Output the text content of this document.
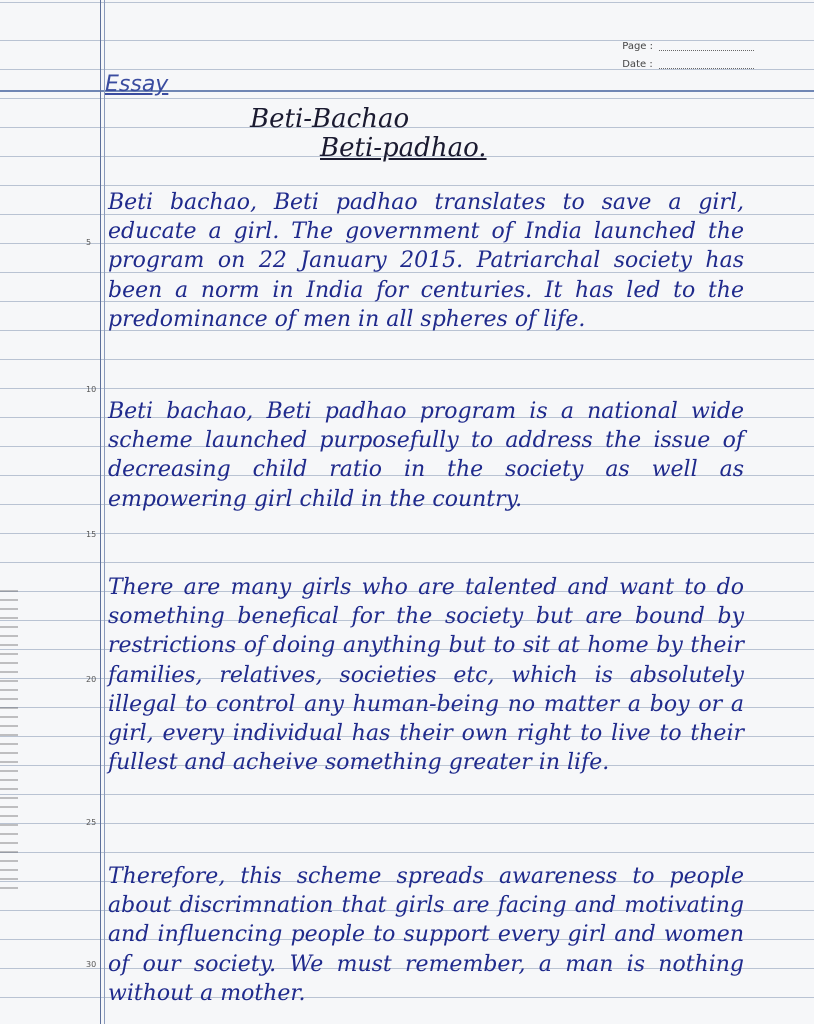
Page :
Date :
Essay
Beti-Bachao
Beti-padhao.
Beti bachao, Beti padhao translates to save a girl, educate a girl. The government of India launched the program on 22 January 2015. Patriarchal society has been a norm in India for centuries. It has led to the predominance of men in all spheres of life.
Beti bachao, Beti padhao program is a national wide scheme launched purposefully to address the issue of decreasing child ratio in the society as well as empowering girl child in the country.
There are many girls who are talented and want to do something benefical for the society but are bound by restrictions of doing anything but to sit at home by their families, relatives, societies etc, which is absolutely illegal to control any human-being no matter a boy or a girl, every individual has their own right to live to their fullest and acheive something greater in life.
Therefore, this scheme spreads awareness to people about discrimnation that girls are facing and motivating and influencing people to support every girl and women of our society. We must remember, a man is nothing without a mother.
5
10
15
20
25
30
